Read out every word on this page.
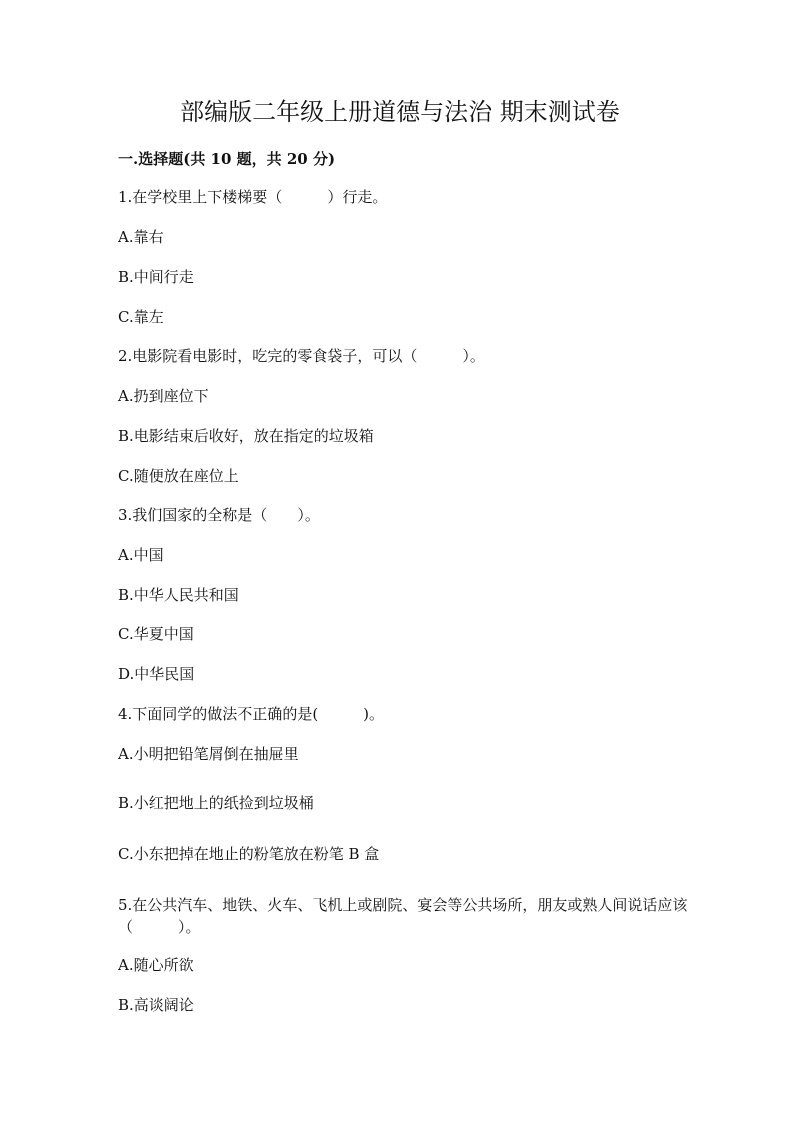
部编版二年级上册道德与法治 期末测试卷

一.选择题(共 10 题，共 20 分)

1.在学校里上下楼梯要（　　　）行走。

A.靠右

B.中间行走

C.靠左

2.电影院看电影时，吃完的零食袋子，可以（　　　）。

A.扔到座位下

B.电影结束后收好，放在指定的垃圾箱

C.随便放在座位上

3.我们国家的全称是（　　）。

A.中国

B.中华人民共和国

C.华夏中国

D.中华民国

4.下面同学的做法不正确的是(　　　)。

A.小明把铅笔屑倒在抽屉里

B.小红把地上的纸捡到垃圾桶

C.小东把掉在地止的粉笔放在粉笔 B 盒

5.在公共汽车、地铁、火车、飞机上或剧院、宴会等公共场所，朋友或熟人间说话应该（　　　）。

A.随心所欲

B.高谈阔论
